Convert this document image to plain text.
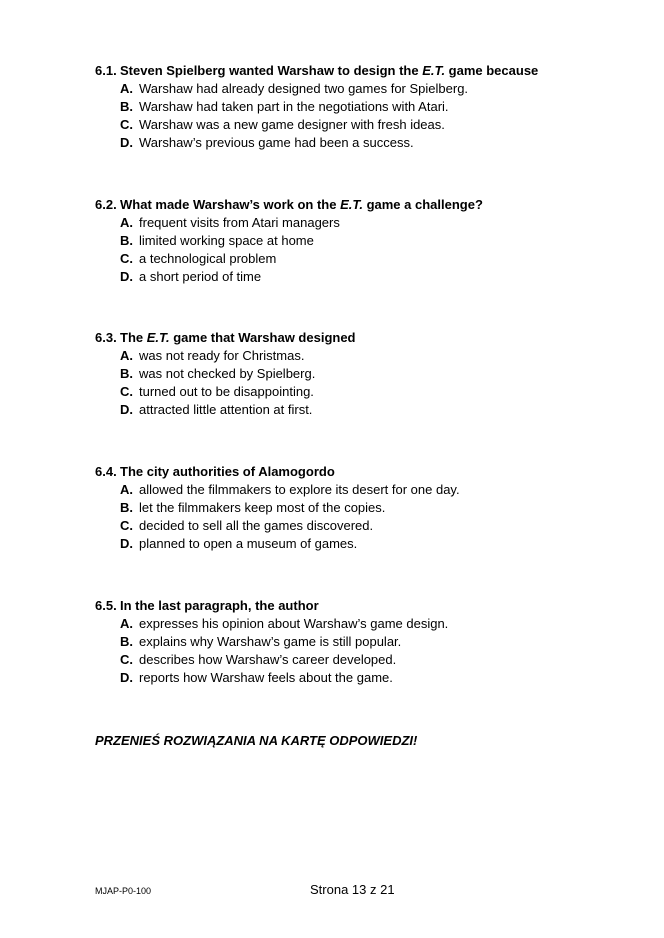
6.1. Steven Spielberg wanted Warshaw to design the E.T. game because
A. Warshaw had already designed two games for Spielberg.
B. Warshaw had taken part in the negotiations with Atari.
C. Warshaw was a new game designer with fresh ideas.
D. Warshaw’s previous game had been a success.
6.2. What made Warshaw’s work on the E.T. game a challenge?
A. frequent visits from Atari managers
B. limited working space at home
C. a technological problem
D. a short period of time
6.3. The E.T. game that Warshaw designed
A. was not ready for Christmas.
B. was not checked by Spielberg.
C. turned out to be disappointing.
D. attracted little attention at first.
6.4. The city authorities of Alamogordo
A. allowed the filmmakers to explore its desert for one day.
B. let the filmmakers keep most of the copies.
C. decided to sell all the games discovered.
D. planned to open a museum of games.
6.5. In the last paragraph, the author
A. expresses his opinion about Warshaw’s game design.
B. explains why Warshaw’s game is still popular.
C. describes how Warshaw’s career developed.
D. reports how Warshaw feels about the game.
PRZENIEŚ ROZWIĄZANIA NA KARTĘ ODPOWIEDZI!
MJAP-P0-100	Strona 13 z 21
